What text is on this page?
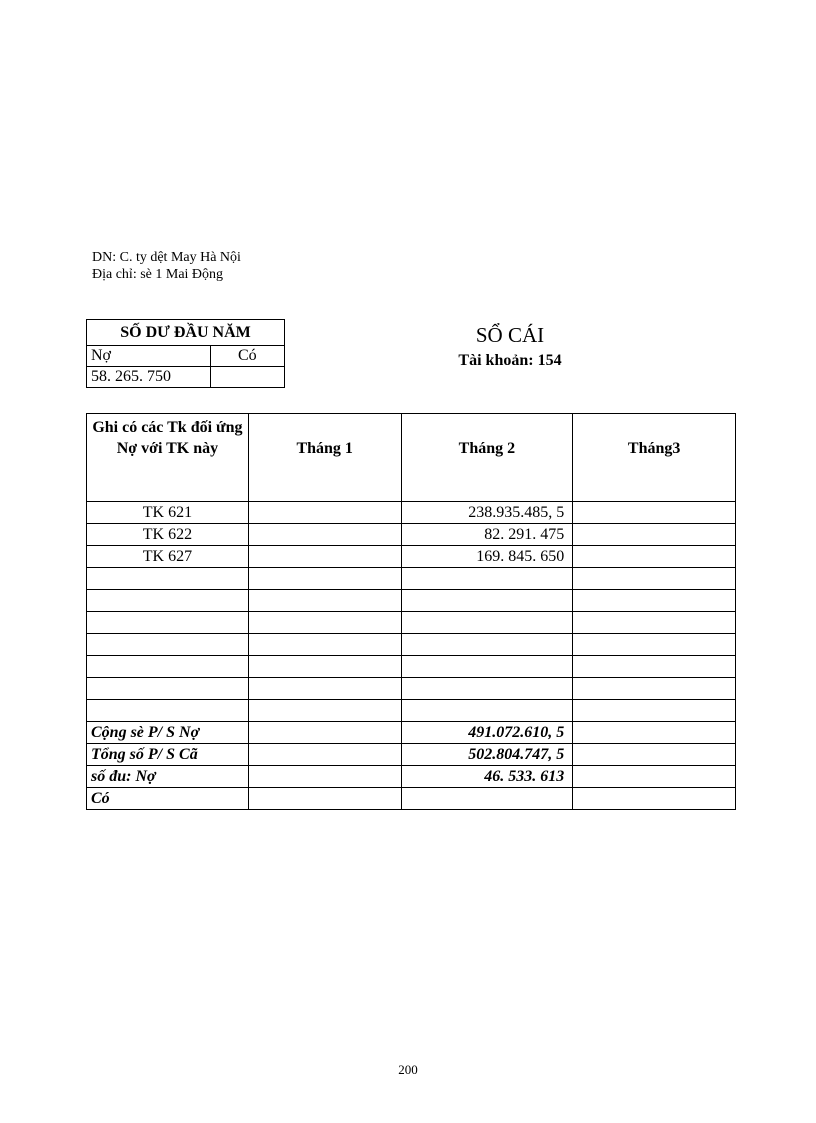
DN: C. ty dệt May Hà Nội
Địa chỉ: sè 1 Mai Động
SỐ DƯ ĐẦU NĂM	
Nợ	Có
58. 265. 750	
SỔ CÁI
Tài khoản: 154
Ghi có các Tk đối ứng Nợ với TK này	Tháng 1	Tháng 2	Tháng3
TK 621		238.935.485, 5	
TK 622		82. 291. 475	
TK 627		169. 845. 650	

Cộng sè P/ S Nợ		491.072.610, 5	
Tổng số P/ S Cã		502.804.747, 5	
số đu: Nợ		46. 533. 613	
Có			
200
